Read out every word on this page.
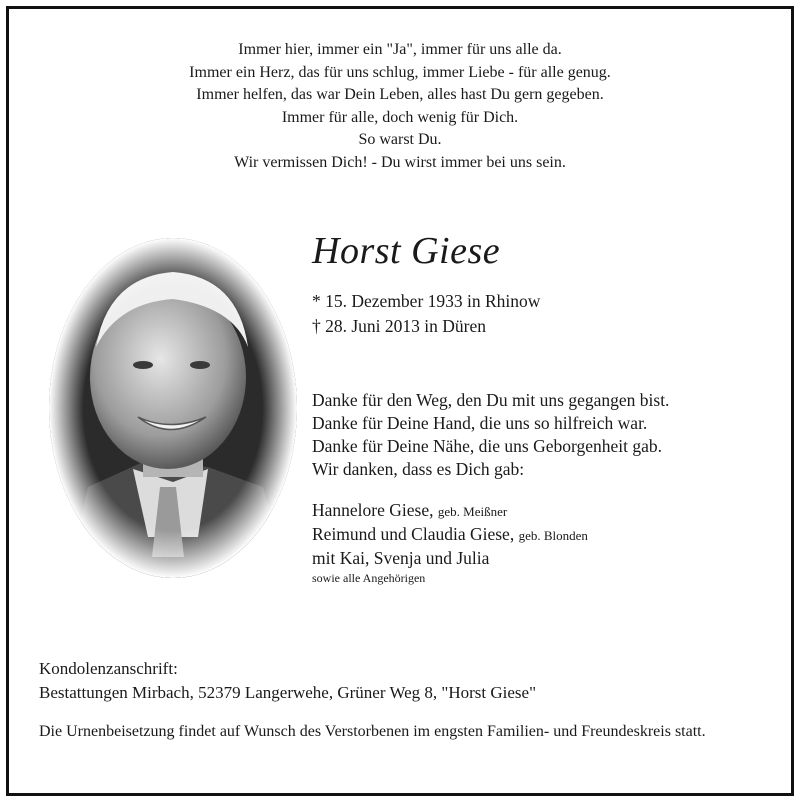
Immer hier, immer ein "Ja", immer für uns alle da.
Immer ein Herz, das für uns schlug, immer Liebe - für alle genug.
Immer helfen, das war Dein Leben, alles hast Du gern gegeben.
Immer für alle, doch wenig für Dich.
So warst Du.
Wir vermissen Dich! - Du wirst immer bei uns sein.
Horst Giese
* 15. Dezember 1933 in Rhinow
† 28. Juni 2013 in Düren
Danke für den Weg, den Du mit uns gegangen bist.
Danke für Deine Hand, die uns so hilfreich war.
Danke für Deine Nähe, die uns Geborgenheit gab.
Wir danken, dass es Dich gab:
Hannelore Giese, geb. Meißner
Reimund und Claudia Giese, geb. Blonden
mit Kai, Svenja und Julia
sowie alle Angehörigen
Kondolenzanschrift:
Bestattungen Mirbach, 52379 Langerwehe, Grüner Weg 8, "Horst Giese"
Die Urnenbeisetzung findet auf Wunsch des Verstorbenen im engsten Familien- und Freundeskreis statt.
